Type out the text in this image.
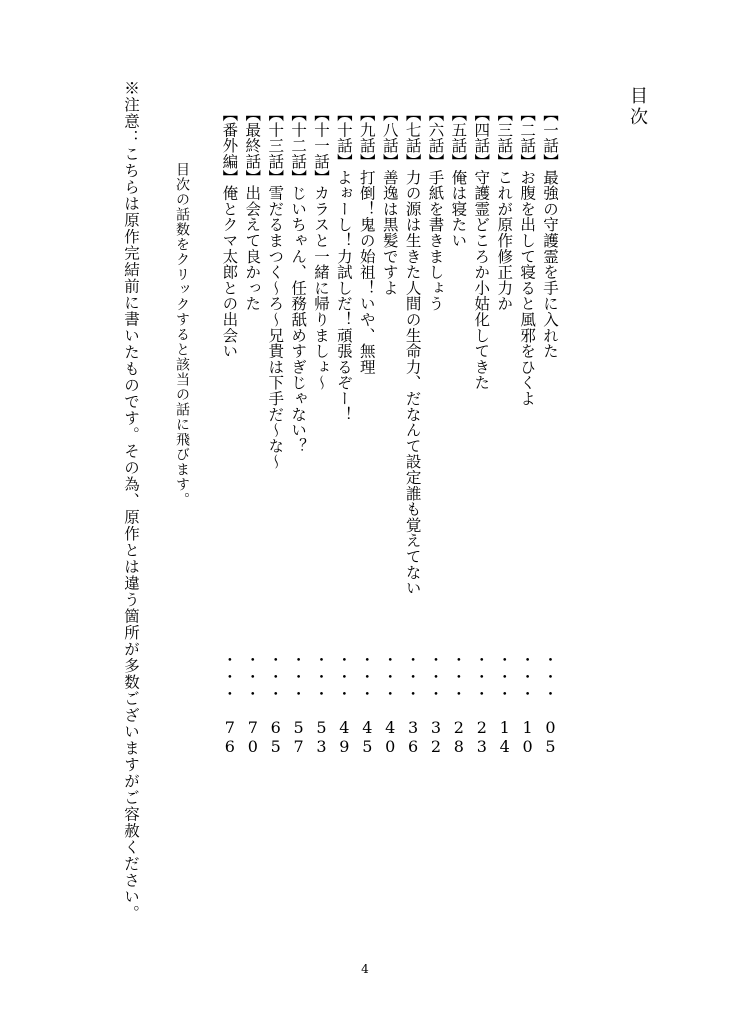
目次
【一話】最強の守護霊を手に入れた
・・・
05
【二話】お腹を出して寝ると風邪をひくよ
・・・
10
【三話】これが原作修正力か
・・・
14
【四話】守護霊どころか小姑化してきた
・・・
23
【五話】俺は寝たい
・・・
28
【六話】手紙を書きましょう
・・・
32
【七話】力の源は生きた人間の生命力、だなんて設定誰も覚えてない
・・・
36
【八話】善逸は黒髪ですよ
・・・
40
【九話】打倒！鬼の始祖！いや、無理
・・・
45
【十話】よぉーし！力試しだ！頑張るぞー！
・・・
49
【十一話】カラスと一緒に帰りましょ～
・・・
53
【十二話】じいちゃん、任務舐めすぎじゃない？
・・・
57
【十三話】雪だるまつく～ろ～兄貴は下手だ～な～
・・・
65
【最終話】出会えて良かった
・・・
70
【番外編】俺とクマ太郎との出会い
・・・
76
目次の話数をクリックすると該当の話に飛びます。
※注意：こちらは原作完結前に書いたものです。その為、原作とは違う箇所が多数ございますがご容赦ください。
4
